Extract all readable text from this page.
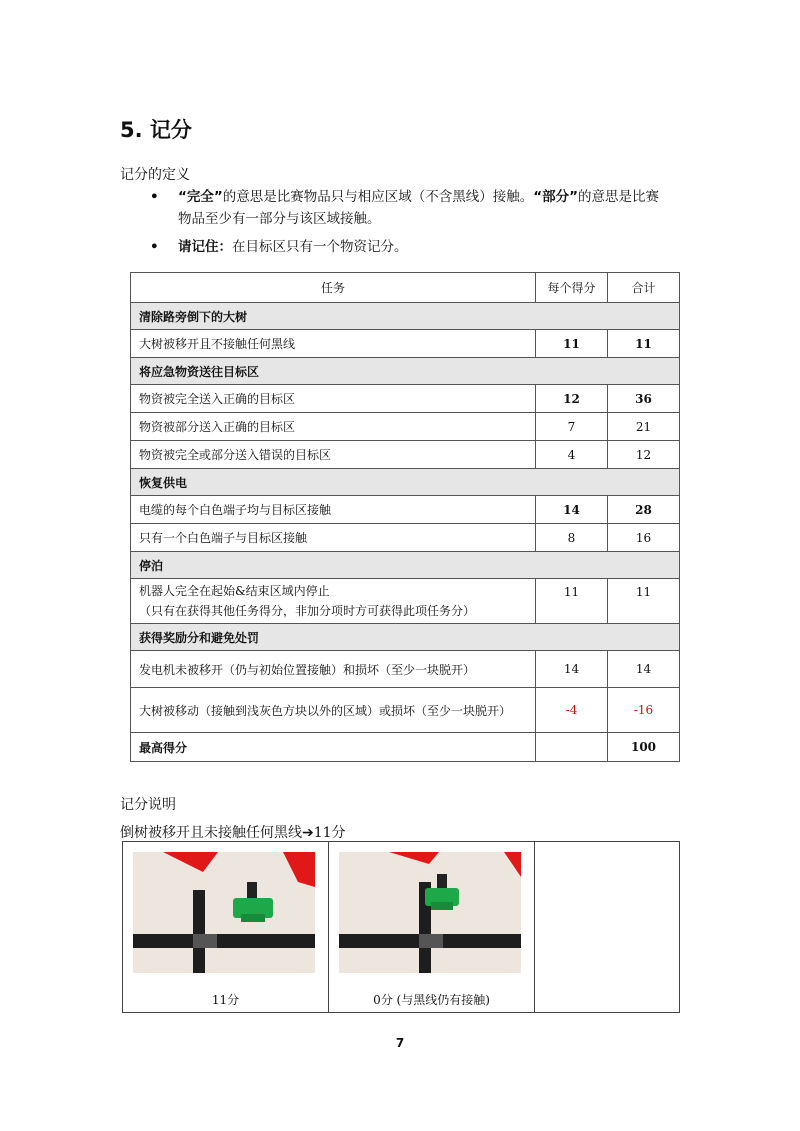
5. 记分
记分的定义
•	“完全”的意思是比赛物品只与相应区域（不含黑线）接触。“部分”的意思是比赛物品至少有一部分与该区域接触。
•	请记住：在目标区只有一个物资记分。
任务	每个得分	合计
清除路旁倒下的大树		
大树被移开且不接触任何黑线	11	11
将应急物资送往目标区		
物资被完全送入正确的目标区	12	36
物资被部分送入正确的目标区	7	21
物资被完全或部分送入错误的目标区	4	12
恢复供电		
电缆的每个白色端子均与目标区接触	14	28
只有一个白色端子与目标区接触	8	16
停泊		

机器人完全在起始&结束区域内停止
（只有在获得其他任务得分，非加分项时方可获得此项任务分）	11	11
获得奖励分和避免处罚		
发电机未被移开（仍与初始位置接触）和损坏（至少一块脱开）	14	14
大树被移动（接触到浅灰色方块以外的区域）或损坏（至少一块脱开）	-4	-16
最高得分		100
记分说明
倒树被移开且未接触任何黑线➔11分
11分	0分 (与黑线仍有接触)

7
